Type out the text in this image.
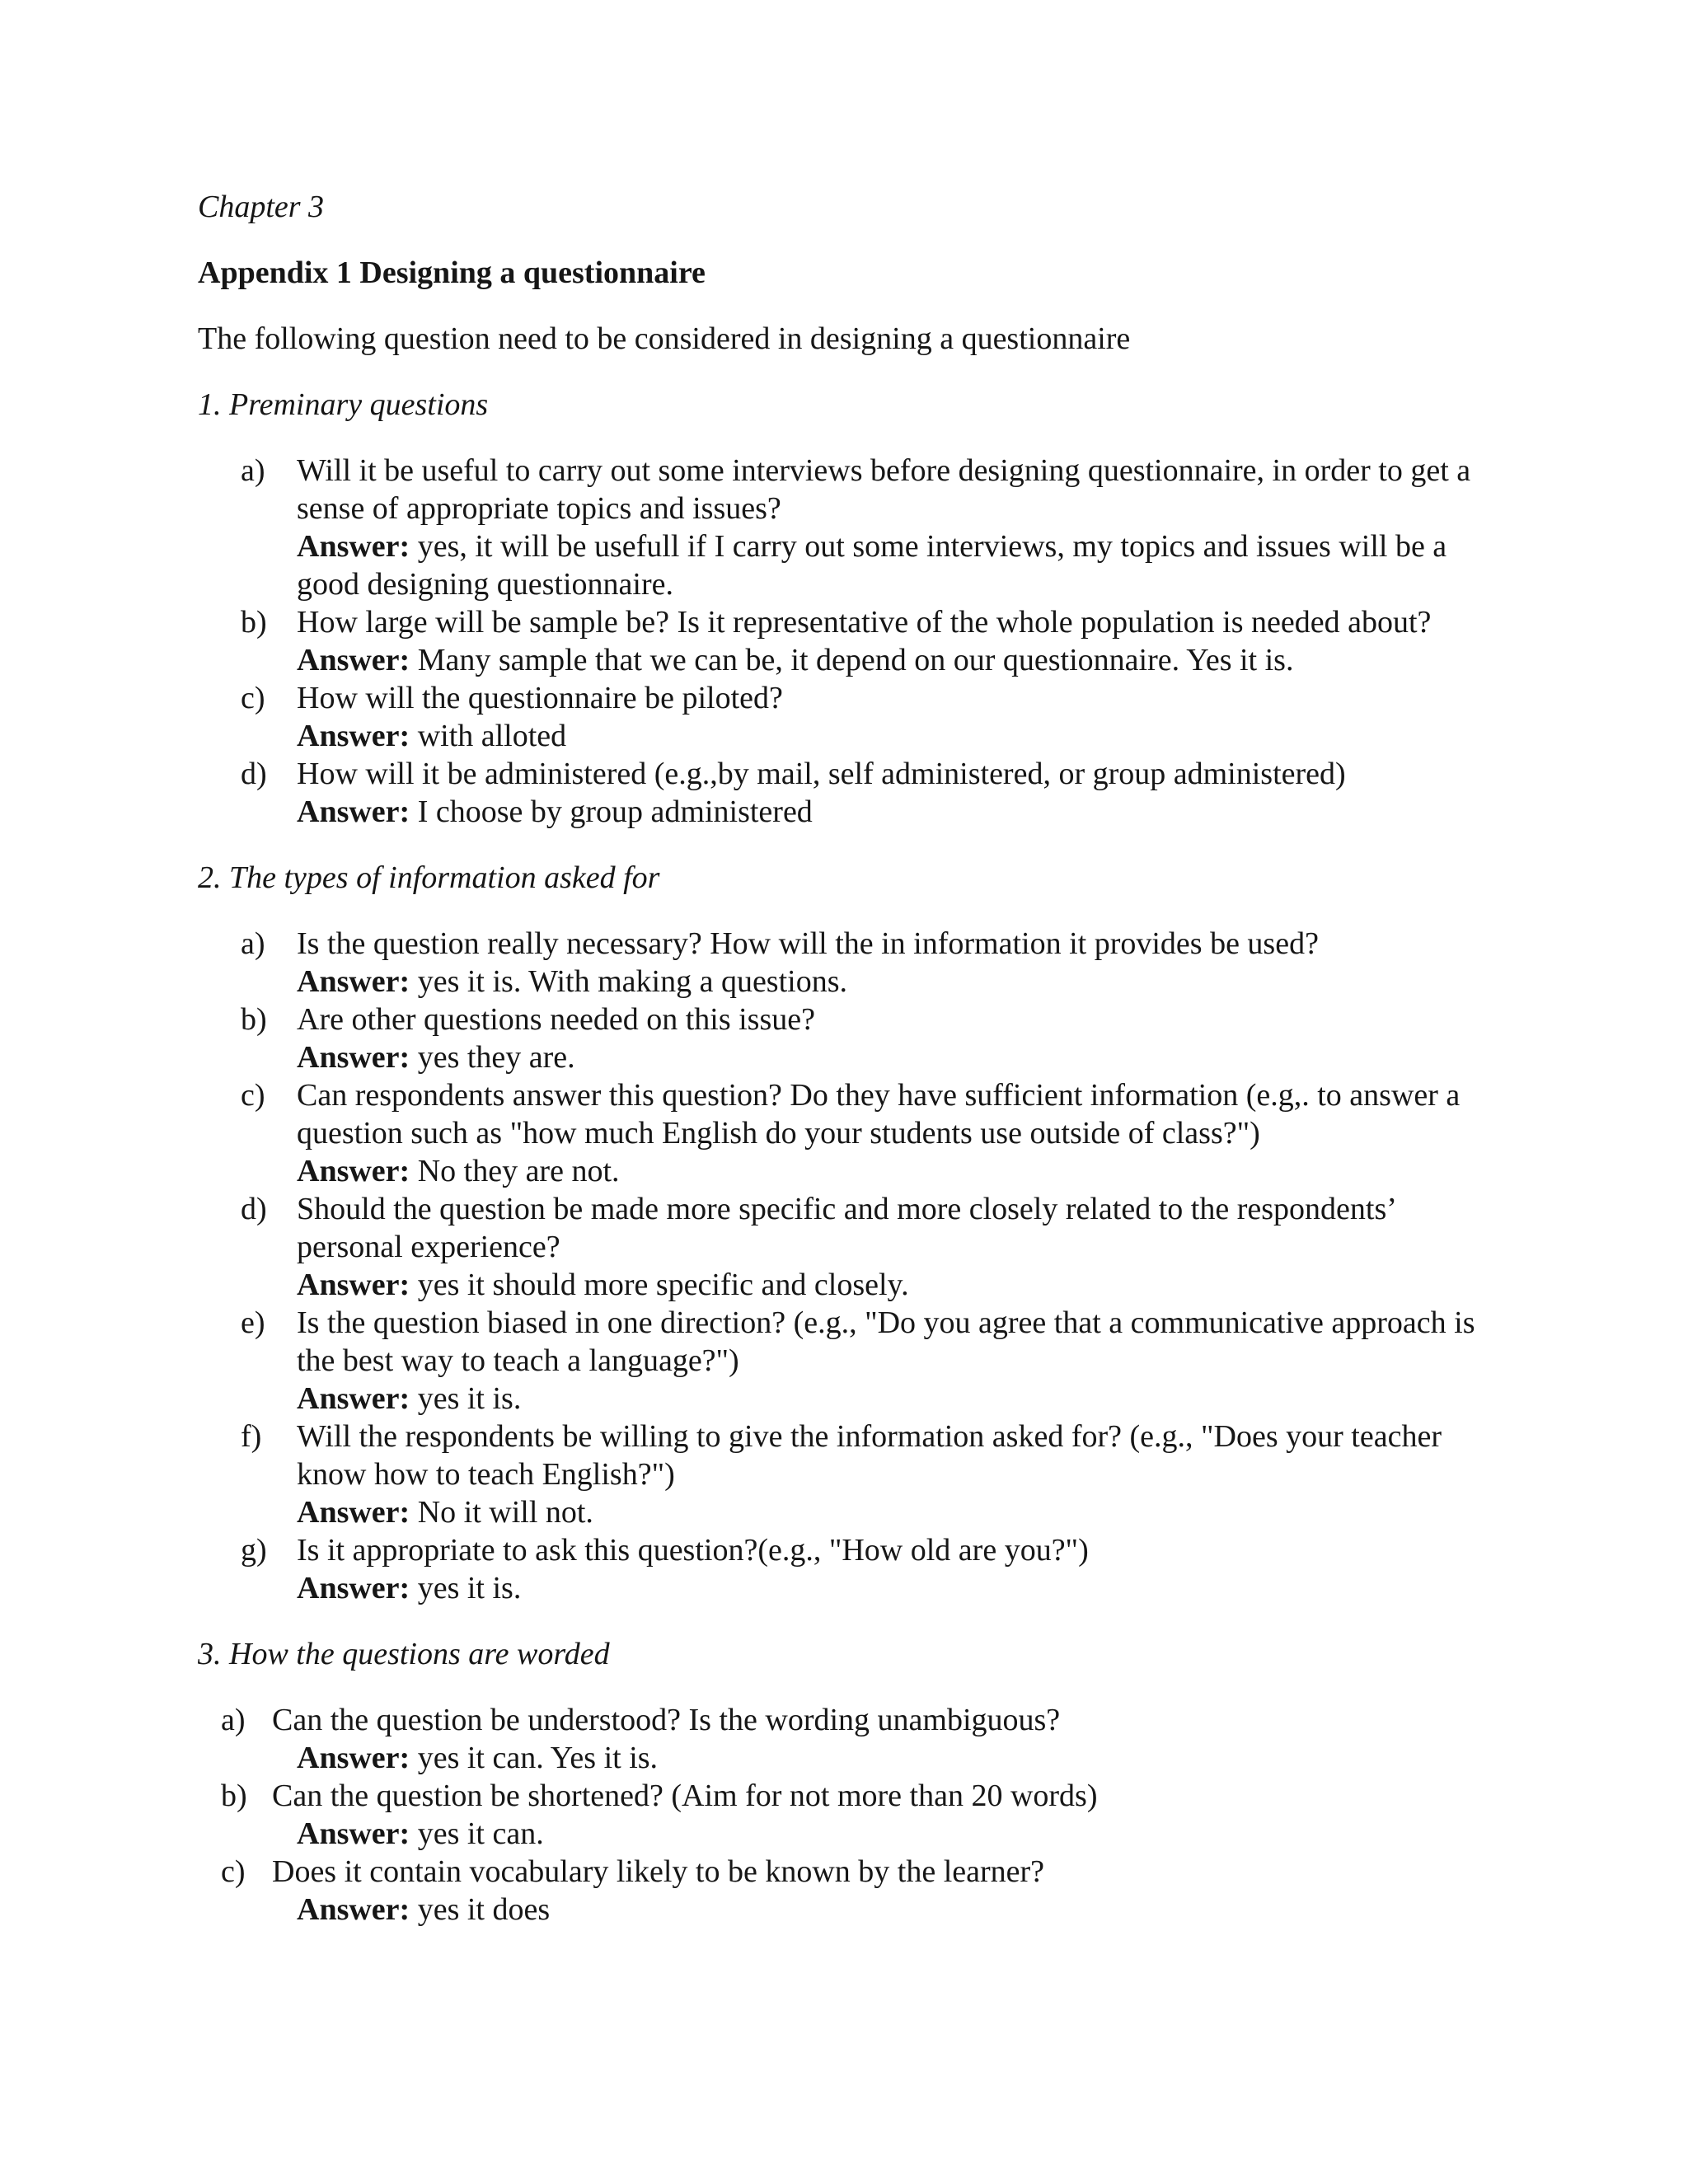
Chapter 3

Appendix 1 Designing a questionnaire

The following question need to be considered in designing a questionnaire

1. Preminary questions

a) Will it be useful to carry out some interviews before designing questionnaire, in order to get a sense of appropriate topics and issues?
Answer: yes, it will be usefull if I carry out some interviews, my topics and issues will be a good designing questionnaire.
b) How large will be sample be? Is it representative of the whole population is needed about?
Answer: Many sample that we can be, it depend on our questionnaire. Yes it is.
c) How will the questionnaire be piloted?
Answer: with alloted
d) How will it be administered (e.g.,by mail, self administered, or group administered)
Answer: I choose by group administered

2. The types of information asked for

a) Is the question really necessary? How will the in information it provides be used?
Answer: yes it is. With making a questions.
b) Are other questions needed on this issue?
Answer: yes they are.
c) Can respondents answer this question? Do they have sufficient information (e.g,. to answer a question such as "how much English do your students use outside of class?")
Answer: No they are not.
d) Should the question be made more specific and more closely related to the respondents’ personal experience?
Answer: yes it should more specific and closely.
e) Is the question biased in one direction? (e.g., "Do you agree that a communicative approach is the best way to teach a language?")
Answer: yes it is.
f) Will the respondents be willing to give the information asked for? (e.g., "Does your teacher know how to teach English?")
Answer: No it will not.
g) Is it appropriate to ask this question?(e.g., "How old are you?")
Answer: yes it is.

3. How the questions are worded

a) Can the question be understood? Is the wording unambiguous?
Answer: yes it can. Yes it is.
b) Can the question be shortened? (Aim for not more than 20 words)
Answer: yes it can.
c) Does it contain vocabulary likely to be known by the learner?
Answer: yes it does
